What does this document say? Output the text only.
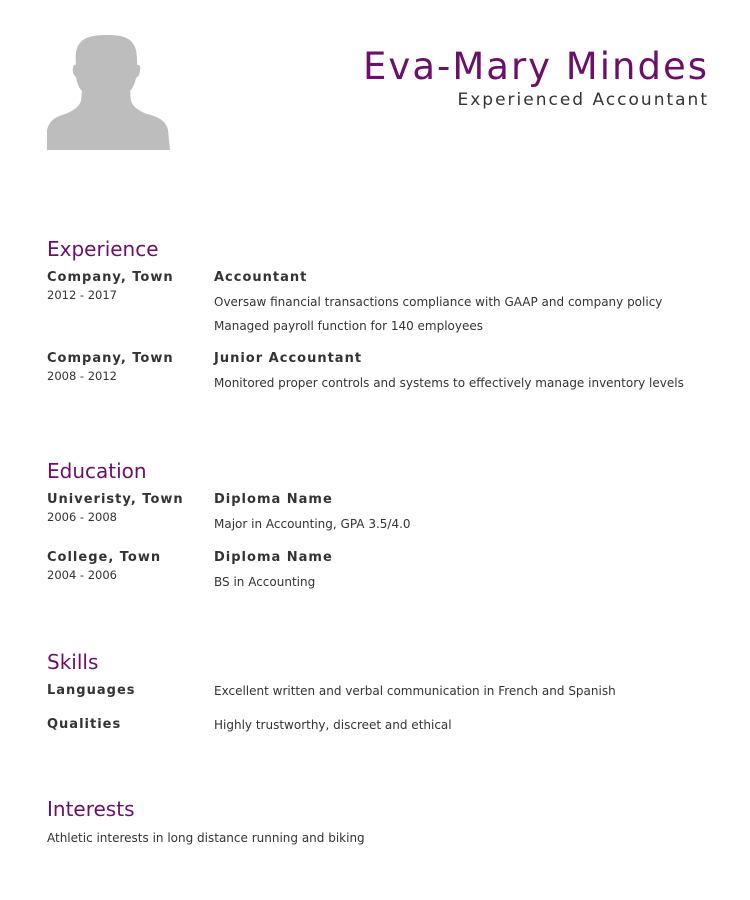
Eva-Mary Mindes
Experienced Accountant
Experience
Company, Town
2012 - 2017
Accountant
Oversaw financial transactions compliance with GAAP and company policy
Managed payroll function for 140 employees
Company, Town
2008 - 2012
Junior Accountant
Monitored proper controls and systems to effectively manage inventory levels
Education
Univeristy, Town
2006 - 2008
Diploma Name
Major in Accounting, GPA 3.5/4.0
College, Town
2004 - 2006
Diploma Name
BS in Accounting
Skills
Languages	Excellent written and verbal communication in French and Spanish
Qualities	Highly trustworthy, discreet and ethical
Interests
Athletic interests in long distance running and biking
